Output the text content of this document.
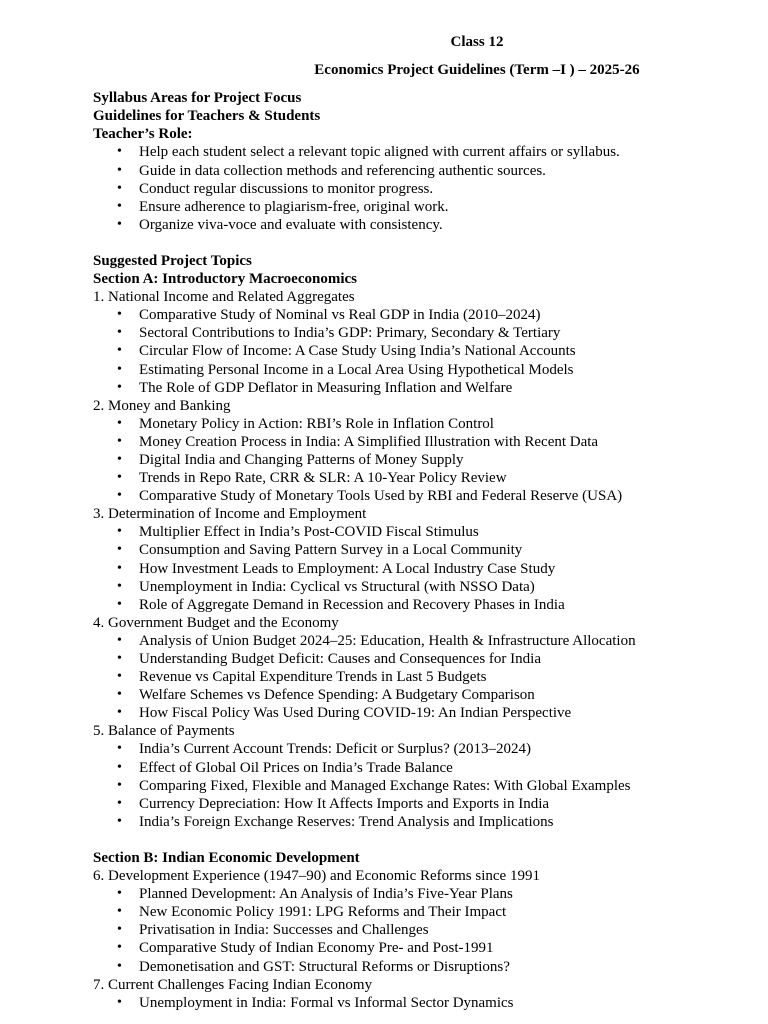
Class 12
Economics Project Guidelines (Term –I ) – 2025-26
Syllabus Areas for Project Focus
Guidelines for Teachers & Students
Teacher’s Role:
• Help each student select a relevant topic aligned with current affairs or syllabus.
• Guide in data collection methods and referencing authentic sources.
• Conduct regular discussions to monitor progress.
• Ensure adherence to plagiarism-free, original work.
• Organize viva-voce and evaluate with consistency.
Suggested Project Topics
Section A: Introductory Macroeconomics
1. National Income and Related Aggregates
• Comparative Study of Nominal vs Real GDP in India (2010–2024)
• Sectoral Contributions to India’s GDP: Primary, Secondary & Tertiary
• Circular Flow of Income: A Case Study Using India’s National Accounts
• Estimating Personal Income in a Local Area Using Hypothetical Models
• The Role of GDP Deflator in Measuring Inflation and Welfare
2. Money and Banking
• Monetary Policy in Action: RBI’s Role in Inflation Control
• Money Creation Process in India: A Simplified Illustration with Recent Data
• Digital India and Changing Patterns of Money Supply
• Trends in Repo Rate, CRR & SLR: A 10-Year Policy Review
• Comparative Study of Monetary Tools Used by RBI and Federal Reserve (USA)
3. Determination of Income and Employment
• Multiplier Effect in India’s Post-COVID Fiscal Stimulus
• Consumption and Saving Pattern Survey in a Local Community
• How Investment Leads to Employment: A Local Industry Case Study
• Unemployment in India: Cyclical vs Structural (with NSSO Data)
• Role of Aggregate Demand in Recession and Recovery Phases in India
4. Government Budget and the Economy
• Analysis of Union Budget 2024–25: Education, Health & Infrastructure Allocation
• Understanding Budget Deficit: Causes and Consequences for India
• Revenue vs Capital Expenditure Trends in Last 5 Budgets
• Welfare Schemes vs Defence Spending: A Budgetary Comparison
• How Fiscal Policy Was Used During COVID-19: An Indian Perspective
5. Balance of Payments
• India’s Current Account Trends: Deficit or Surplus? (2013–2024)
• Effect of Global Oil Prices on India’s Trade Balance
• Comparing Fixed, Flexible and Managed Exchange Rates: With Global Examples
• Currency Depreciation: How It Affects Imports and Exports in India
• India’s Foreign Exchange Reserves: Trend Analysis and Implications
Section B: Indian Economic Development
6. Development Experience (1947–90) and Economic Reforms since 1991
• Planned Development: An Analysis of India’s Five-Year Plans
• New Economic Policy 1991: LPG Reforms and Their Impact
• Privatisation in India: Successes and Challenges
• Comparative Study of Indian Economy Pre- and Post-1991
• Demonetisation and GST: Structural Reforms or Disruptions?
7. Current Challenges Facing Indian Economy
• Unemployment in India: Formal vs Informal Sector Dynamics
